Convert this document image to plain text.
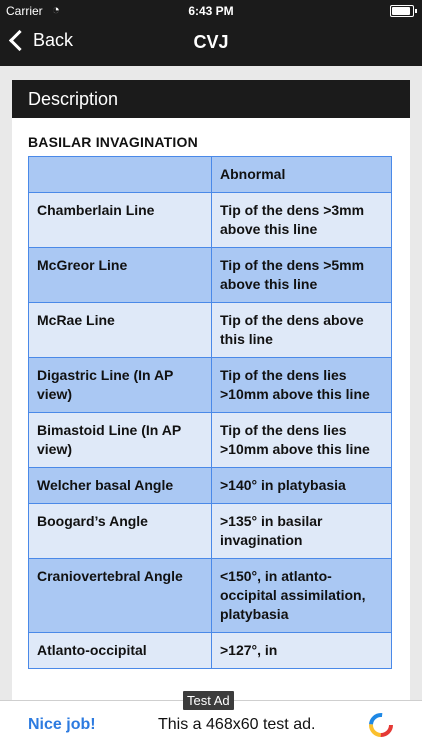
Carrier ◔	6:43 PM
Back	CVJ
Description
BASILAR INVAGINATION
	Abnormal
Chamberlain Line	Tip of the dens >3mm above this line
McGreor Line	Tip of the dens >5mm above this line
McRae Line	Tip of the dens above this line
Digastric Line (In AP view)	Tip of the dens lies >10mm above this line
Bimastoid Line (In AP view)	Tip of the dens lies >10mm above this line
Welcher basal Angle	>140° in platybasia
Boogard’s Angle	>135° in basilar invagination
Craniovertebral Angle	<150°, in atlanto-occipital assimilation, platybasia
Atlanto-occipital	>127°, in
Test Ad
Nice job!	This a 468x60 test ad.
